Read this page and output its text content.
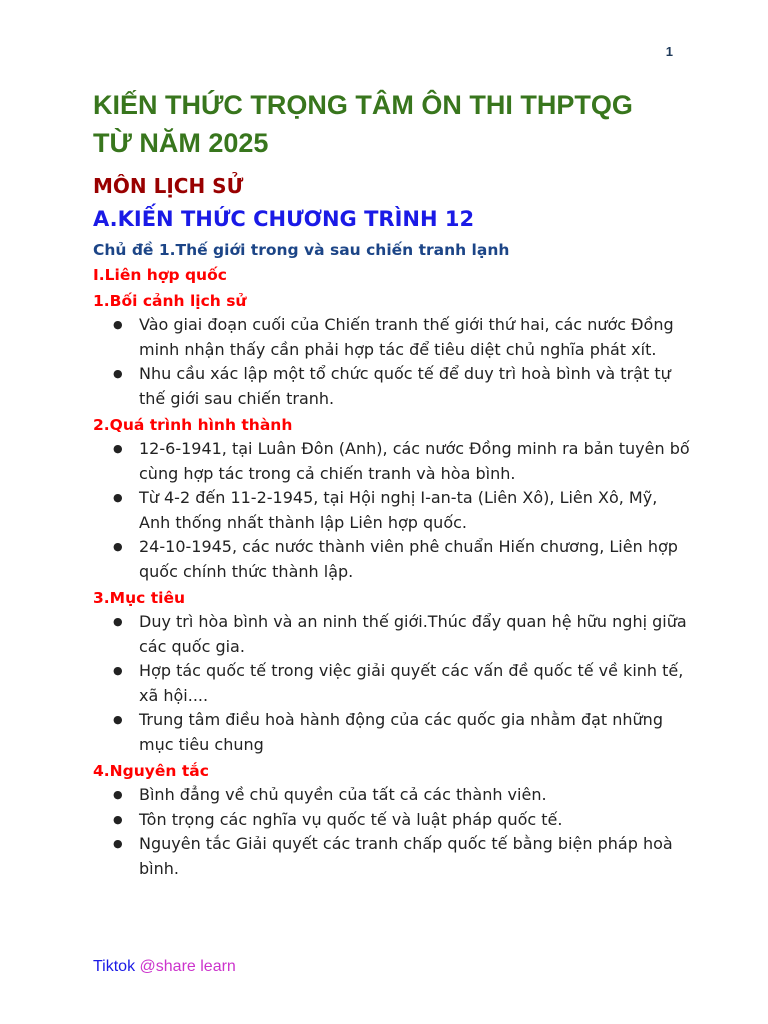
1
KIẾN THỨC TRỌNG TÂM ÔN THI THPTQG
TỪ NĂM 2025
MÔN LỊCH SỬ
A.KIẾN THỨC CHƯƠNG TRÌNH 12
Chủ đề 1.Thế giới trong và sau chiến tranh lạnh
I.Liên hợp quốc
1.Bối cảnh lịch sử
● Vào giai đoạn cuối của Chiến tranh thế giới thứ hai, các nước Đồng minh nhận thấy cần phải hợp tác để tiêu diệt chủ nghĩa phát xít.
● Nhu cầu xác lập một tổ chức quốc tế để duy trì hoà bình và trật tự thế giới sau chiến tranh.
2.Quá trình hình thành
● 12-6-1941, tại Luân Đôn (Anh), các nước Đồng minh ra bản tuyên bố cùng hợp tác trong cả chiến tranh và hòa bình.
● Từ 4-2 đến 11-2-1945, tại Hội nghị I-an-ta (Liên Xô), Liên Xô, Mỹ, Anh thống nhất thành lập Liên hợp quốc.
● 24-10-1945, các nước thành viên phê chuẩn Hiến chương, Liên hợp quốc chính thức thành lập.
3.Mục tiêu
● Duy trì hòa bình và an ninh thế giới.Thúc đẩy quan hệ hữu nghị giữa các quốc gia.
● Hợp tác quốc tế trong việc giải quyết các vấn đề quốc tế về kinh tế, xã hội....
● Trung tâm điều hoà hành động của các quốc gia nhằm đạt những mục tiêu chung
4.Nguyên tắc
● Bình đẳng về chủ quyền của tất cả các thành viên.
● Tôn trọng các nghĩa vụ quốc tế và luật pháp quốc tế.
● Nguyên tắc Giải quyết các tranh chấp quốc tế bằng biện pháp hoà bình.
Tiktok @share learn
